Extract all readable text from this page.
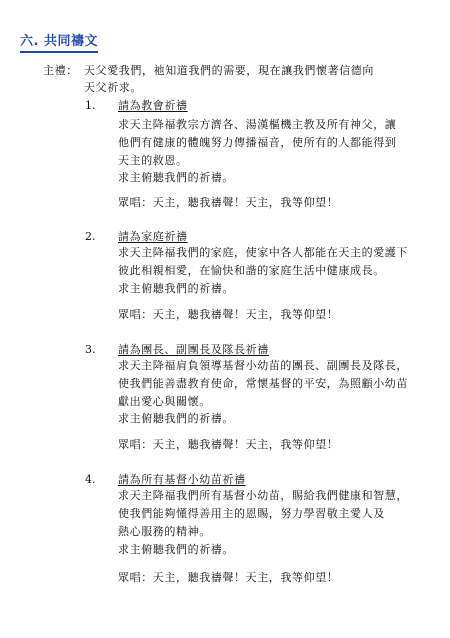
六. 共同禱文
主禮： 天父愛我們，祂知道我們的需要，現在讓我們懷著信德向
天父祈求。
1. 請為教會祈禱
求天主降福教宗方濟各、湯漢樞機主教及所有神父，讓
他們有健康的體魄努力傳播福音，使所有的人都能得到
天主的救恩。
求主俯聽我們的祈禱。
眾唱：天主，聽我禱聲！天主，我等仰望！
2. 請為家庭祈禱
求天主降福我們的家庭，使家中各人都能在天主的愛護下
彼此相親相愛，在愉快和諧的家庭生活中健康成長。
求主俯聽我們的祈禱。
眾唱：天主，聽我禱聲！天主，我等仰望！
3. 請為團長、副團長及隊長祈禱
求天主降福肩負領導基督小幼苗的團長、副團長及隊長，
使我們能善盡教育使命，常懷基督的平安，為照顧小幼苗
獻出愛心與關懷。
求主俯聽我們的祈禱。
眾唱：天主，聽我禱聲！天主，我等仰望！
4. 請為所有基督小幼苗祈禱
求天主降福我們所有基督小幼苗，賜給我們健康和智慧，
使我們能夠懂得善用主的恩賜，努力學習敬主愛人及
熱心服務的精神。
求主俯聽我們的祈禱。
眾唱：天主，聽我禱聲！天主，我等仰望！
